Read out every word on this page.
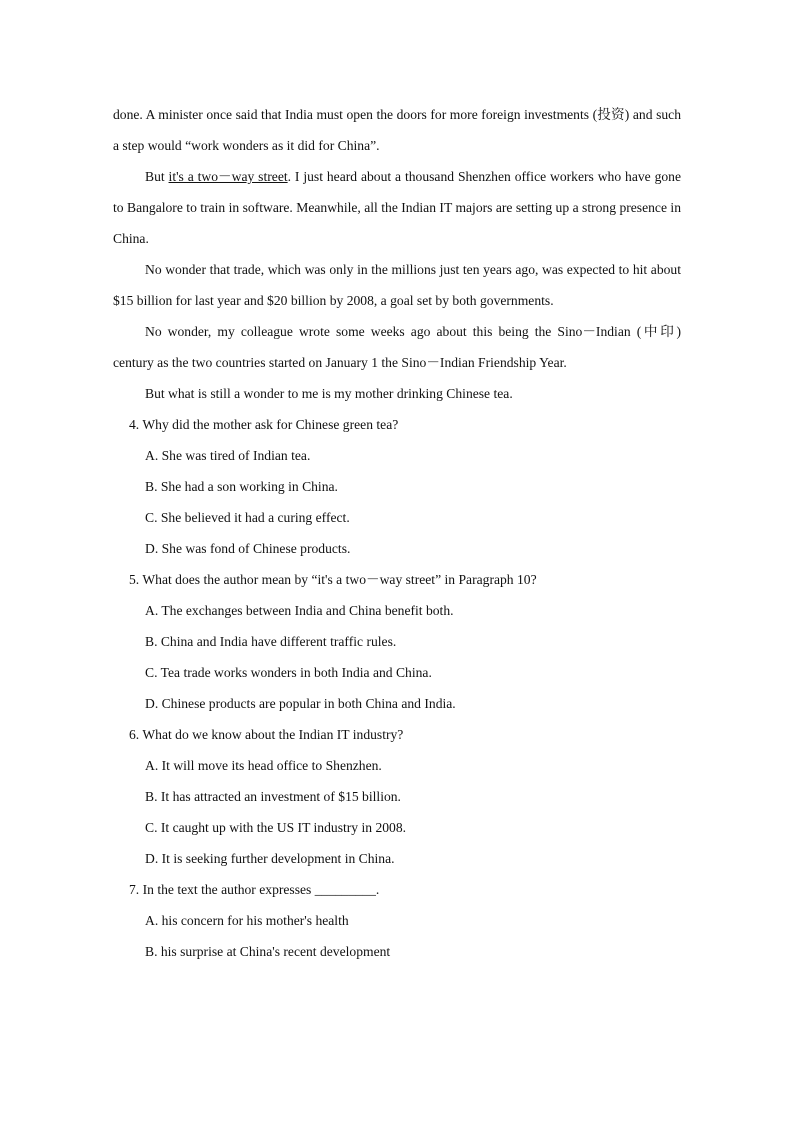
done. A minister once said that India must open the doors for more foreign investments (投资) and such a step would “work wonders as it did for China”.

But it's a two－way street. I just heard about a thousand Shenzhen office workers who have gone to Bangalore to train in software. Meanwhile, all the Indian IT majors are setting up a strong presence in China.

No wonder that trade, which was only in the millions just ten years ago, was expected to hit about $15 billion for last year and $20 billion by 2008, a goal set by both governments.

No wonder, my colleague wrote some weeks ago about this being the Sino－Indian (中印) century as the two countries started on January 1 the Sino－Indian Friendship Year.

But what is still a wonder to me is my mother drinking Chinese tea.

4. Why did the mother ask for Chinese green tea?

A. She was tired of Indian tea.

B. She had a son working in China.

C. She believed it had a curing effect.

D. She was fond of Chinese products.

5. What does the author mean by “it's a two－way street” in Paragraph 10?

A. The exchanges between India and China benefit both.

B. China and India have different traffic rules.

C. Tea trade works wonders in both India and China.

D. Chinese products are popular in both China and India.

6. What do we know about the Indian IT industry?

A. It will move its head office to Shenzhen.

B. It has attracted an investment of $15 billion.

C. It caught up with the US IT industry in 2008.

D. It is seeking further development in China.

7. In the text the author expresses _________.

A. his concern for his mother's health

B. his surprise at China's recent development
